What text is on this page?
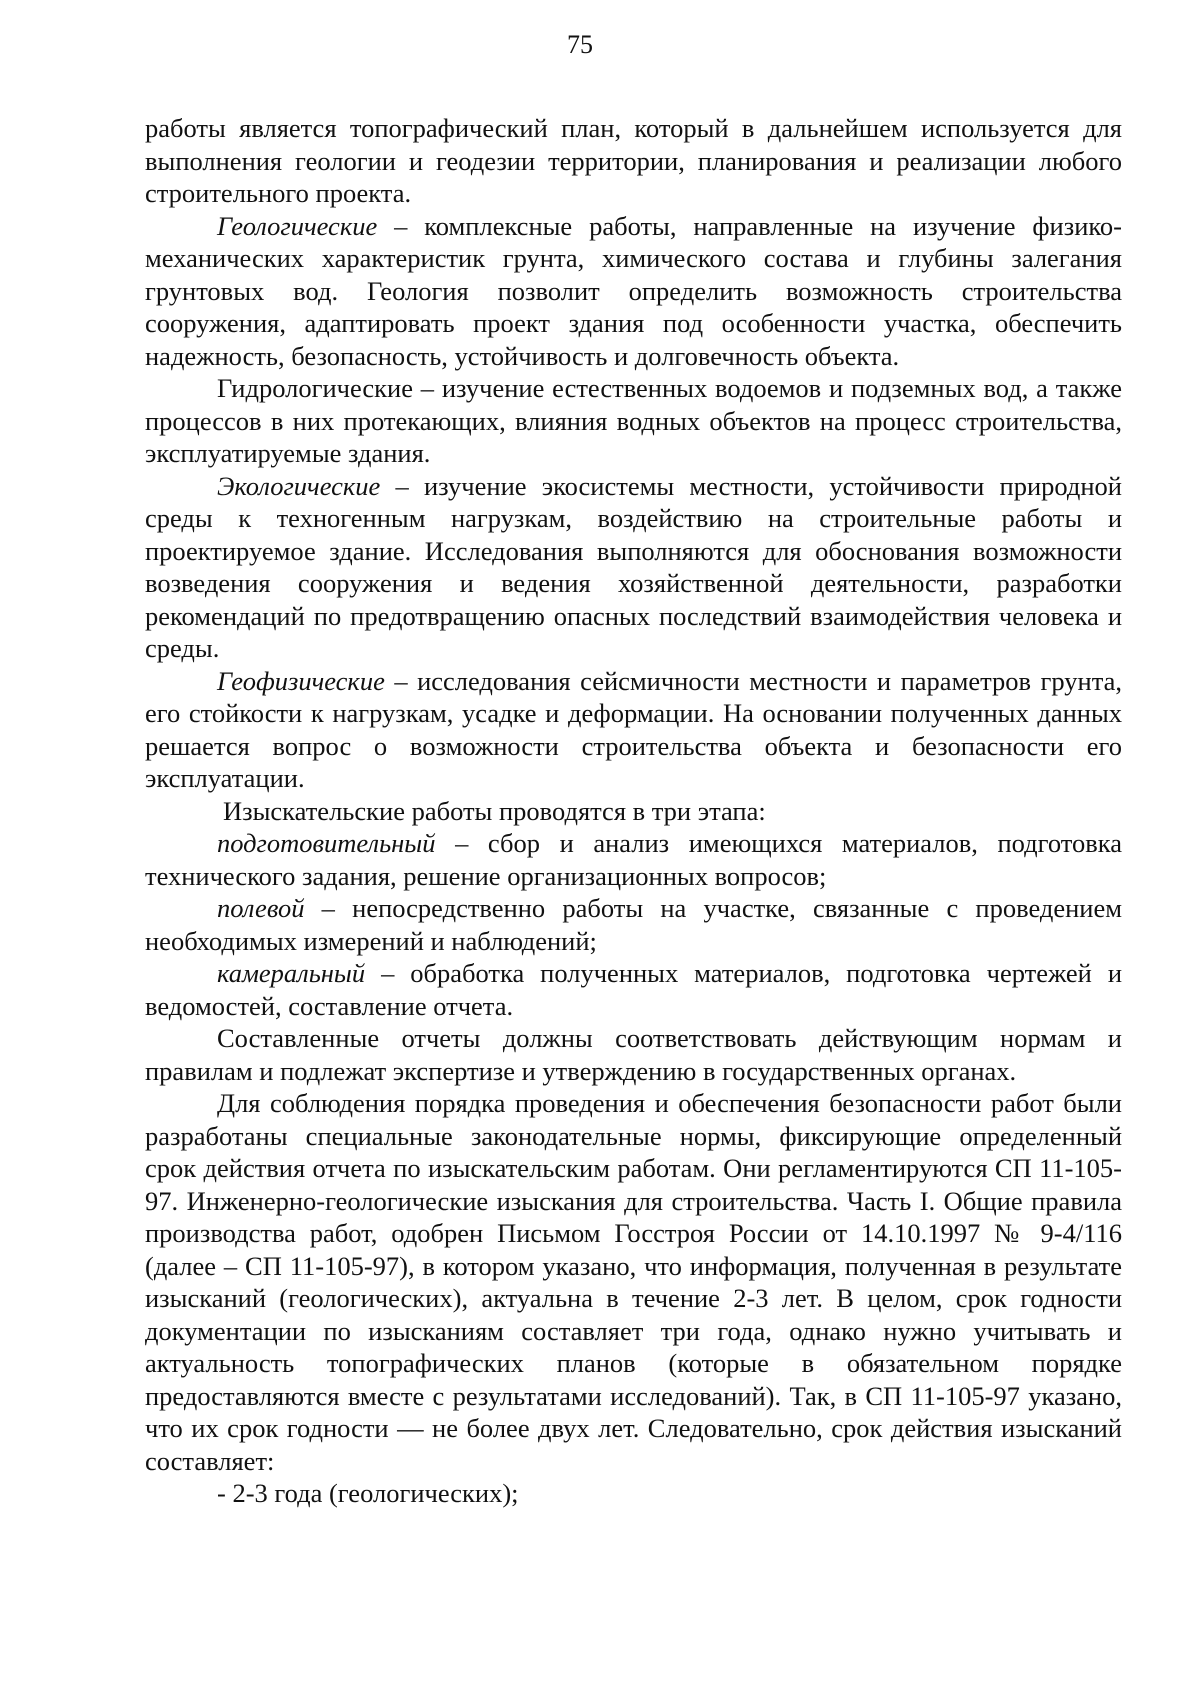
75

работы является топографический план, который в дальнейшем используется для выполнения геологии и геодезии территории, планирования и реализации любого строительного проекта.

Геологические – комплексные работы, направленные на изучение физико-механических характеристик грунта, химического состава и глубины залегания грунтовых вод. Геология позволит определить возможность строительства сооружения, адаптировать проект здания под особенности участка, обеспечить надежность, безопасность, устойчивость и долговечность объекта.

Гидрологические – изучение естественных водоемов и подземных вод, а также процессов в них протекающих, влияния водных объектов на процесс строительства, эксплуатируемые здания.

Экологические – изучение экосистемы местности, устойчивости природной среды к техногенным нагрузкам, воздействию на строительные работы и проектируемое здание. Исследования выполняются для обоснования возможности возведения сооружения и ведения хозяйственной деятельности, разработки рекомендаций по предотвращению опасных последствий взаимодействия человека и среды.

Геофизические – исследования сейсмичности местности и параметров грунта, его стойкости к нагрузкам, усадке и деформации. На основании полученных данных решается вопрос о возможности строительства объекта и безопасности его эксплуатации.

Изыскательские работы проводятся в три этапа:

подготовительный – сбор и анализ имеющихся материалов, подготовка технического задания, решение организационных вопросов;

полевой – непосредственно работы на участке, связанные с проведением необходимых измерений и наблюдений;

камеральный – обработка полученных материалов, подготовка чертежей и ведомостей, составление отчета.

Составленные отчеты должны соответствовать действующим нормам и правилам и подлежат экспертизе и утверждению в государственных органах.

Для соблюдения порядка проведения и обеспечения безопасности работ были разработаны специальные законодательные нормы, фиксирующие определенный срок действия отчета по изыскательским работам. Они регламентируются СП 11-105-97. Инженерно-геологические изыскания для строительства. Часть I. Общие правила производства работ, одобрен Письмом Госстроя России от 14.10.1997 № 9-4/116 (далее – СП 11-105-97), в котором указано, что информация, полученная в результате изысканий (геологических), актуальна в течение 2-3 лет. В целом, срок годности документации по изысканиям составляет три года, однако нужно учитывать и актуальность топографических планов (которые в обязательном порядке предоставляются вместе с результатами исследований). Так, в СП 11-105-97 указано, что их срок годности — не более двух лет. Следовательно, срок действия изысканий составляет:

- 2-3 года (геологических);
